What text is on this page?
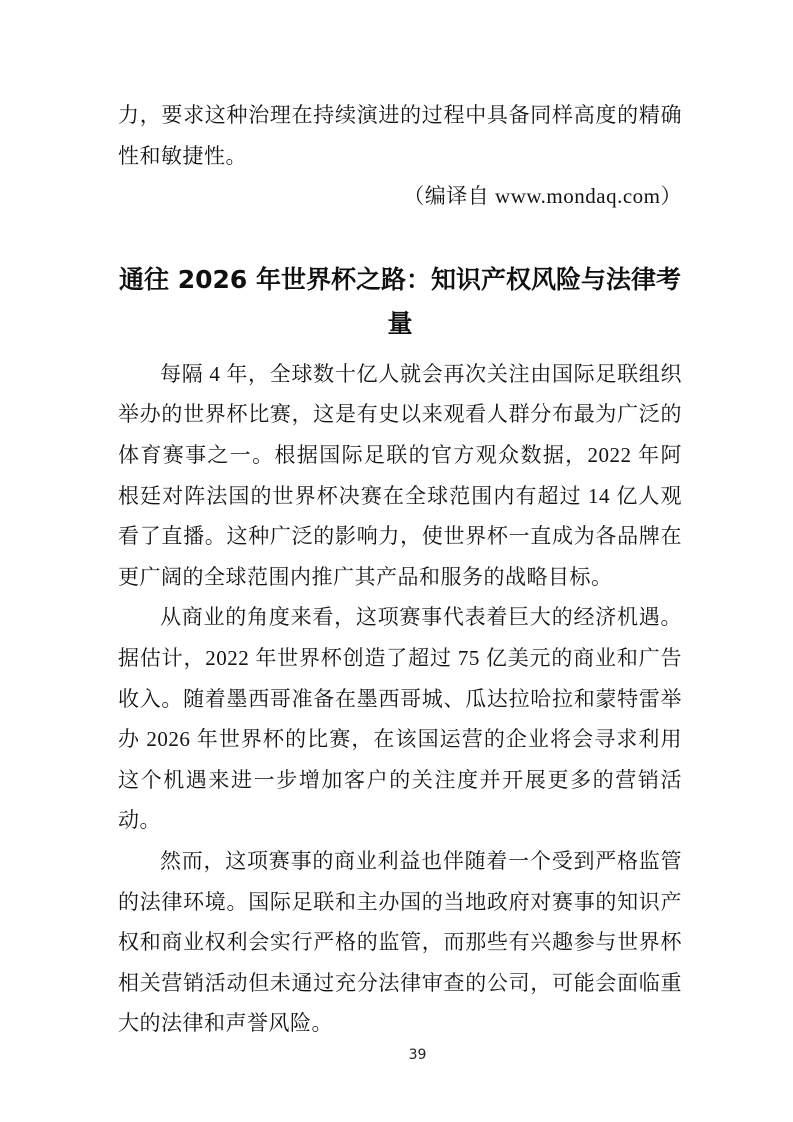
力，要求这种治理在持续演进的过程中具备同样高度的精确性和敏捷性。

（编译自 www.mondaq.com）

通往 2026 年世界杯之路：知识产权风险与法律考量

每隔 4 年，全球数十亿人就会再次关注由国际足联组织举办的世界杯比赛，这是有史以来观看人群分布最为广泛的体育赛事之一。根据国际足联的官方观众数据，2022 年阿根廷对阵法国的世界杯决赛在全球范围内有超过 14 亿人观看了直播。这种广泛的影响力，使世界杯一直成为各品牌在更广阔的全球范围内推广其产品和服务的战略目标。

从商业的角度来看，这项赛事代表着巨大的经济机遇。据估计，2022 年世界杯创造了超过 75 亿美元的商业和广告收入。随着墨西哥准备在墨西哥城、瓜达拉哈拉和蒙特雷举办 2026 年世界杯的比赛，在该国运营的企业将会寻求利用这个机遇来进一步增加客户的关注度并开展更多的营销活动。

然而，这项赛事的商业利益也伴随着一个受到严格监管的法律环境。国际足联和主办国的当地政府对赛事的知识产权和商业权利会实行严格的监管，而那些有兴趣参与世界杯相关营销活动但未通过充分法律审查的公司，可能会面临重大的法律和声誉风险。

39
